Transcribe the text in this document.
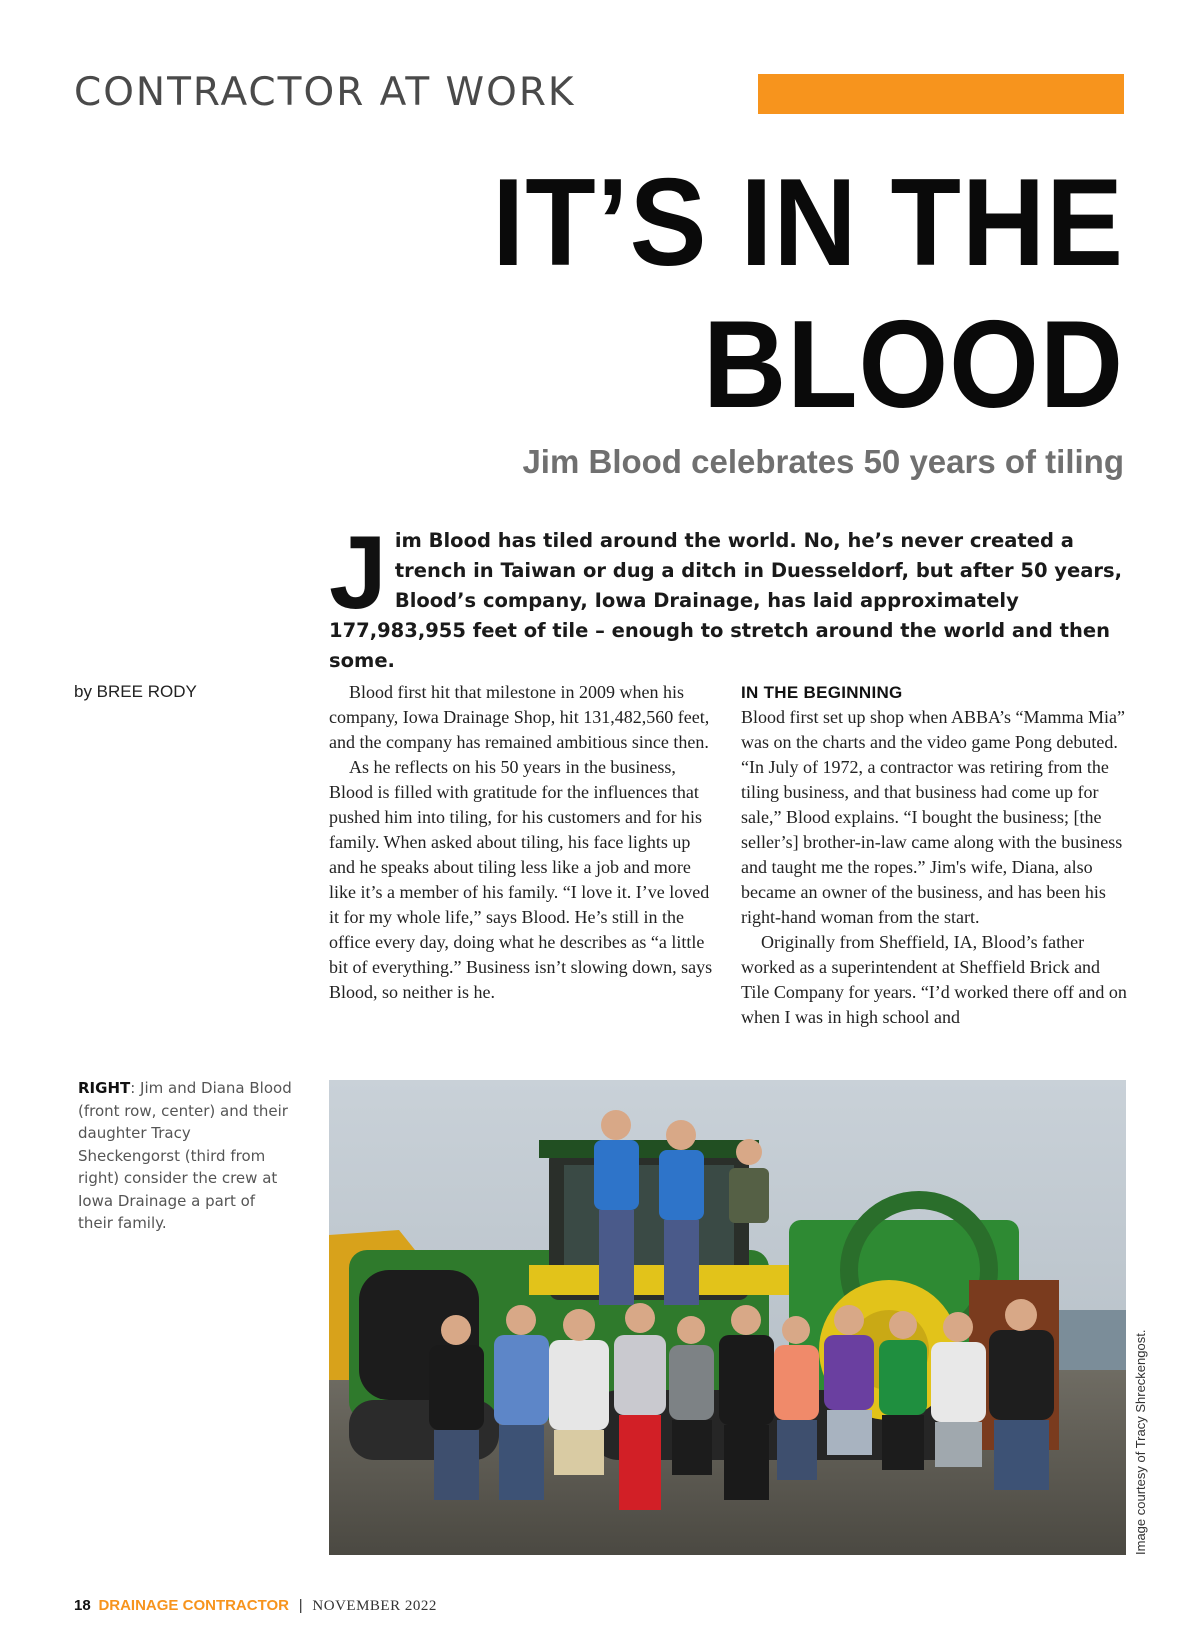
CONTRACTOR AT WORK
IT’S IN THE
BLOOD
Jim Blood celebrates 50 years of tiling

Jim Blood has tiled around the world. No, he’s never created a trench in Taiwan or dug a ditch in Duesseldorf, but after 50 years, Blood’s company, Iowa Drainage, has laid approximately 177,983,955 feet of tile – enough to stretch around the world and then some.

by BREE RODY	Blood first hit that milestone in 2009 when his company, Iowa Drainage Shop, hit 131,482,560 feet, and the company has remained ambitious since then.

As he reflects on his 50 years in the business, Blood is filled with gratitude for the influences that pushed him into tiling, for his customers and for his family. When asked about tiling, his face lights up and he speaks about tiling less like a job and more like it’s a member of his family. “I love it. I’ve loved it for my whole life,” says Blood. He’s still in the office every day, doing what he describes as “a little bit of everything.” Business isn’t slowing down, says Blood, so neither is he.

IN THE BEGINNING

Blood first set up shop when ABBA’s “Mamma Mia” was on the charts and the video game Pong debuted. “In July of 1972, a contractor was retiring from the tiling business, and that business had come up for sale,” Blood explains. “I bought the business; [the seller’s] brother-in-law came along with the business and taught me the ropes.” Jim's wife, Diana, also became an owner of the business, and has been his right-hand woman from the start.

Originally from Sheffield, IA, Blood’s father worked as a superintendent at Sheffield Brick and Tile Company for years. “I’d worked there off and on when I was in high school and

RIGHT: Jim and Diana Blood (front row, center) and their daughter Tracy Sheckengorst (third from right) consider the crew at Iowa Drainage a part of their family.
Image courtesy of Tracy Shreckengost.
18 DRAINAGE CONTRACTOR | NOVEMBER 2022
